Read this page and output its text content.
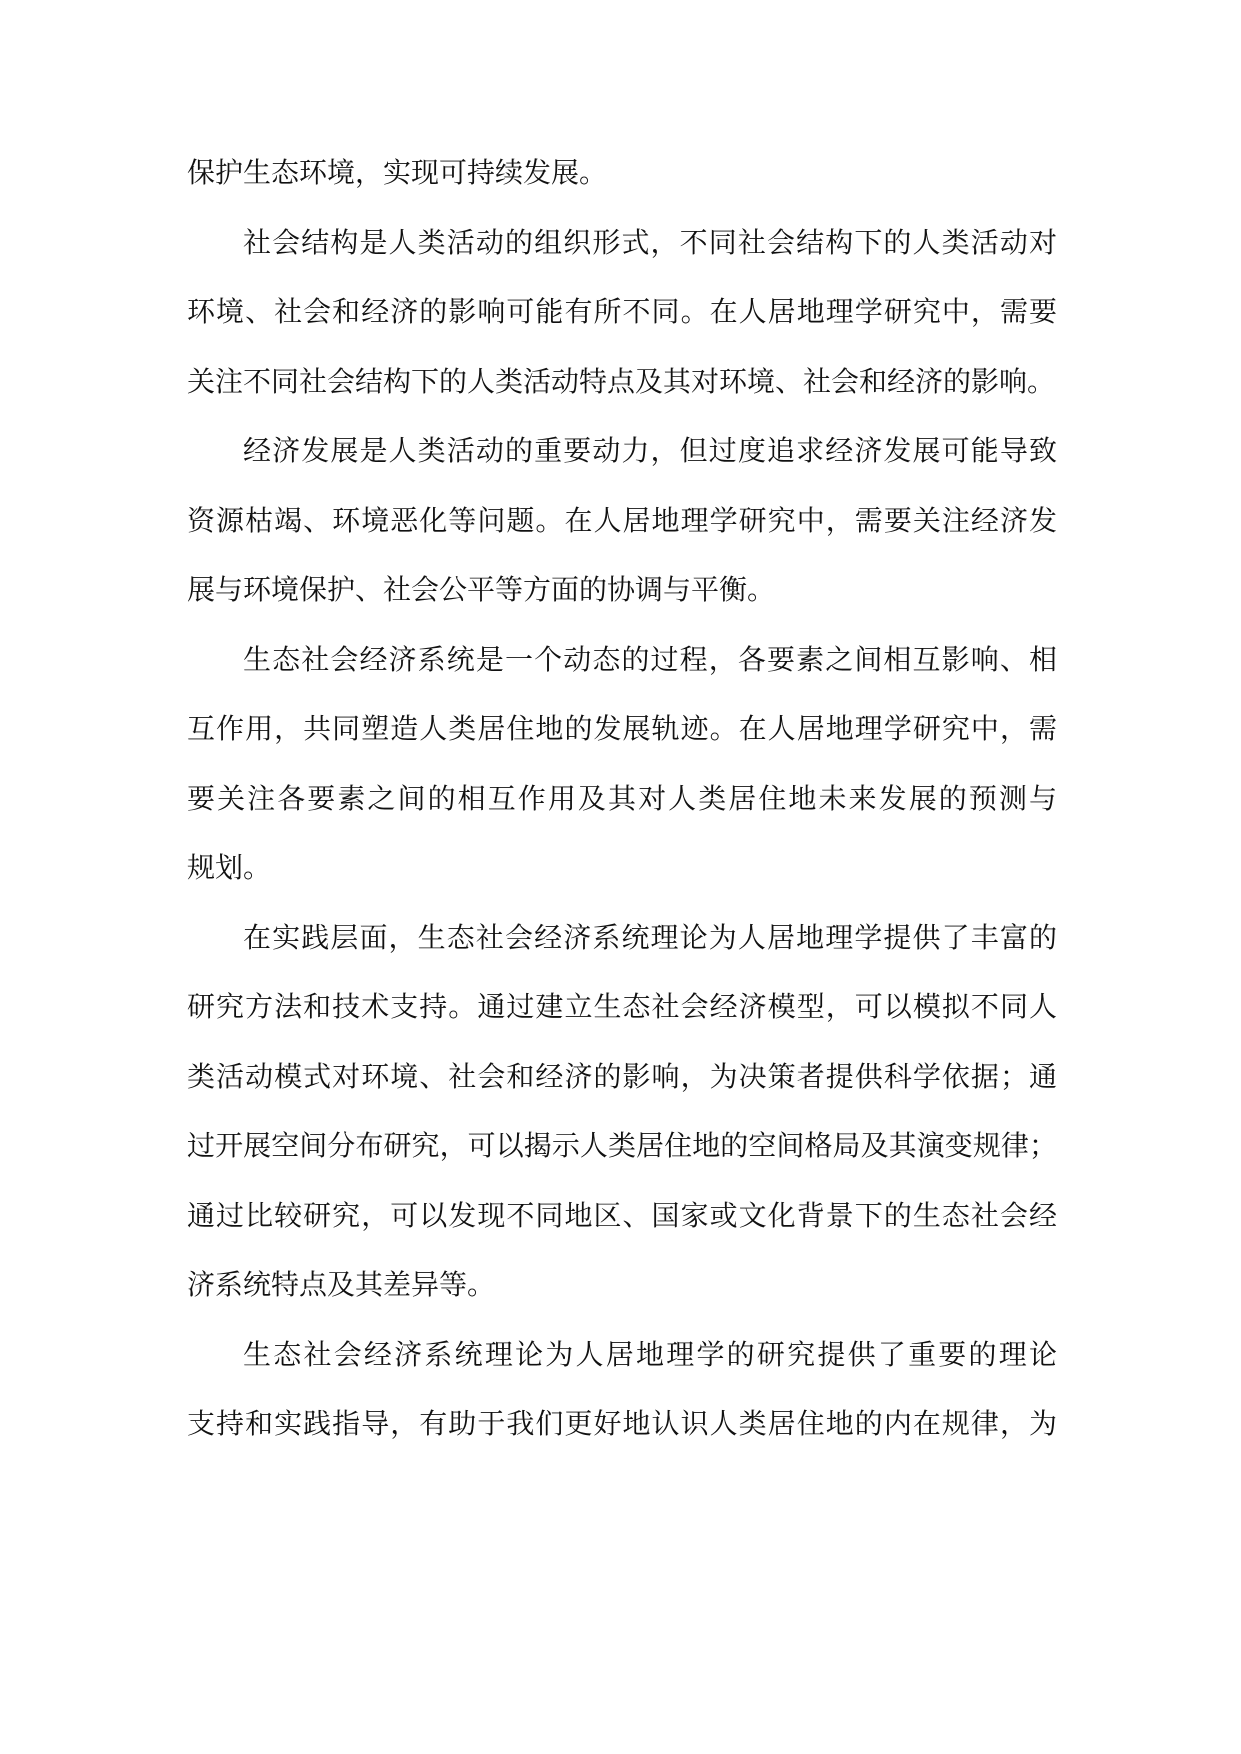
保护生态环境，实现可持续发展。
社会结构是人类活动的组织形式，不同社会结构下的人类活动对
环境、社会和经济的影响可能有所不同。在人居地理学研究中，需要
关注不同社会结构下的人类活动特点及其对环境、社会和经济的影响。
经济发展是人类活动的重要动力，但过度追求经济发展可能导致
资源枯竭、环境恶化等问题。在人居地理学研究中，需要关注经济发
展与环境保护、社会公平等方面的协调与平衡。
生态社会经济系统是一个动态的过程，各要素之间相互影响、相
互作用，共同塑造人类居住地的发展轨迹。在人居地理学研究中，需
要关注各要素之间的相互作用及其对人类居住地未来发展的预测与
规划。
在实践层面，生态社会经济系统理论为人居地理学提供了丰富的
研究方法和技术支持。通过建立生态社会经济模型，可以模拟不同人
类活动模式对环境、社会和经济的影响，为决策者提供科学依据；通
过开展空间分布研究，可以揭示人类居住地的空间格局及其演变规律；
通过比较研究，可以发现不同地区、国家或文化背景下的生态社会经
济系统特点及其差异等。
生态社会经济系统理论为人居地理学的研究提供了重要的理论
支持和实践指导，有助于我们更好地认识人类居住地的内在规律，为
